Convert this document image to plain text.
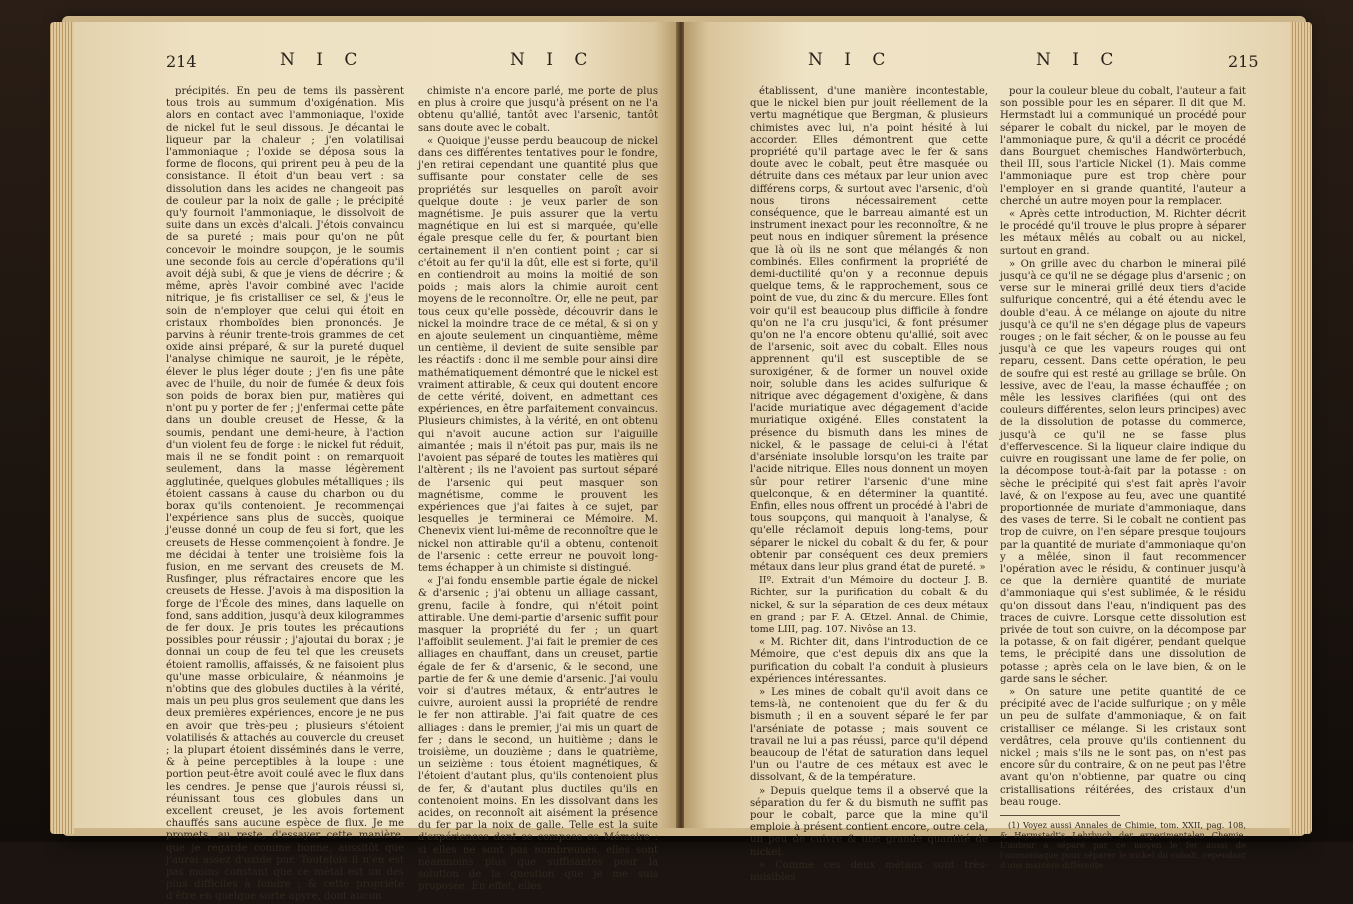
214	N I C	N I C

précipités. En peu de tems ils passèrent tous trois au summum d'oxigénation. Mis alors en contact avec l'ammoniaque, l'oxide de nickel fut le seul dissous. Je décantai le liqueur par la chaleur ; j'en volatilisai l'ammoniaque ; l'oxide se déposa sous la forme de flocons, qui prirent peu à peu de la consistance. Il étoit d'un beau vert : sa dissolution dans les acides ne changeoit pas de couleur par la noix de galle ; le précipité qu'y fournoit l'ammoniaque, le dissolvoit de suite dans un excès d'alcali. J'étois convaincu de sa pureté ; mais pour qu'on ne pût concevoir le moindre soupçon, je le soumis une seconde fois au cercle d'opérations qu'il avoit déjà subi, & que je viens de décrire ; & même, après l'avoir combiné avec l'acide nitrique, je fis cristalliser ce sel, & j'eus le soin de n'employer que celui qui étoit en cristaux rhomboïdes bien prononcés. Je parvins à réunir trente-trois grammes de cet oxide ainsi préparé, & sur la pureté duquel l'analyse chimique ne sauroit, je le répète, élever le plus léger doute ; j'en fis une pâte avec de l'huile, du noir de fumée & deux fois son poids de borax bien pur, matières qui n'ont pu y porter de fer ; j'enfermai cette pâte dans un double creuset de Hesse, & la soumis, pendant une demi-heure, à l'action d'un violent feu de forge : le nickel fut réduit, mais il ne se fondit point : on remarquoit seulement, dans la masse légèrement agglutinée, quelques globules métalliques ; ils étoient cassans à cause du charbon ou du borax qu'ils contenoient. Je recommençai l'expérience sans plus de succès, quoique j'eusse donné un coup de feu si fort, que les creusets de Hesse commençoient à fondre. Je me décidai à tenter une troisième fois la fusion, en me servant des creusets de M. Rusfinger, plus réfractaires encore que les creusets de Hesse. J'avois à ma disposition la forge de l'École des mines, dans laquelle on fond, sans addition, jusqu'à deux kilogrammes de fer doux. Je pris toutes les précautions possibles pour réussir ; j'ajoutai du borax ; je donnai un coup de feu tel que les creusets étoient ramollis, affaissés, & ne faisoient plus qu'une masse orbiculaire, & néanmoins je n'obtins que des globules ductiles à la vérité, mais un peu plus gros seulement que dans les deux premières expériences, encore je ne pus en avoir que très-peu ; plusieurs s'étoient volatilisés & attachés au couvercle du creuset ; la plupart étoient disséminés dans le verre, & à peine perceptibles à la loupe : une portion peut-être avoit coulé avec le flux dans les cendres. Je pense que j'aurois réussi si, réunissant tous ces globules dans un excellent creuset, je les avois fortement chauffés sans aucune espèce de flux. Je me promets, au reste, d'essayer cette manière, que je regarde comme bonne, aussitôt que j'aurai assez d'oxide pur. Toutefois il n'en est pas moins constant que ce métal est un des plus difficiles à fondre ; & cette propriété d'être en quelque sorte apyre, dont aucun

chimiste n'a encore parlé, me porte de plus en plus à croire que jusqu'à présent on ne l'a obtenu qu'allié, tantôt avec l'arsenic, tantôt sans doute avec le cobalt.

« Quoique j'eusse perdu beaucoup de nickel dans ces différentes tentatives pour le fondre, j'en retirai cependant une quantité plus que suffisante pour constater celle de ses propriétés sur lesquelles on paroît avoir quelque doute : je veux parler de son magnétisme. Je puis assurer que la vertu magnétique en lui est si marquée, qu'elle égale presque celle du fer, & pourtant bien certainement il n'en contient point ; car si c'étoit au fer qu'il la dût, elle est si forte, qu'il en contiendroit au moins la moitié de son poids ; mais alors la chimie auroit cent moyens de le reconnoître. Or, elle ne peut, par tous ceux qu'elle possède, découvrir dans le nickel la moindre trace de ce métal, & si on y en ajoute seulement un cinquantième, même un centième, il devient de suite sensible par les réactifs : donc il me semble pour ainsi dire mathématiquement démontré que le nickel est vraiment attirable, & ceux qui doutent encore de cette vérité, doivent, en admettant ces expériences, en être parfaitement convaincus. Plusieurs chimistes, à la vérité, en ont obtenu qui n'avoit aucune action sur l'aiguille aimantée ; mais il n'étoit pas pur, mais ils ne l'avoient pas séparé de toutes les matières qui l'altèrent ; ils ne l'avoient pas surtout séparé de l'arsenic qui peut masquer son magnétisme, comme le prouvent les expériences que j'ai faites à ce sujet, par lesquelles je terminerai ce Mémoire. M. Chenevix vient lui-même de reconnoître que le nickel non attirable qu'il a obtenu, contenoit de l'arsenic : cette erreur ne pouvoit long-tems échapper à un chimiste si distingué.

« J'ai fondu ensemble partie égale de nickel & d'arsenic ; j'ai obtenu un alliage cassant, grenu, facile à fondre, qui n'étoit point attirable. Une demi-partie d'arsenic suffit pour masquer la propriété du fer ; un quart l'affoiblit seulement. J'ai fait le premier de ces alliages en chauffant, dans un creuset, partie égale de fer & d'arsenic, & le second, une partie de fer & une demie d'arsenic. J'ai voulu voir si d'autres métaux, & entr'autres le cuivre, auroient aussi la propriété de rendre le fer non attirable. J'ai fait quatre de ces alliages : dans le premier, j'ai mis un quart de fer ; dans le second, un huitième ; dans le troisième, un douzième ; dans le quatrième, un seizième : tous étoient magnétiques, & l'étoient d'autant plus, qu'ils contenoient plus de fer, & d'autant plus ductiles qu'ils en contenoient moins. En les dissolvant dans les acides, on reconnoît ait aisément la présence du fer par la noix de galle. Telle est la suite d'expériences dont se compose ce Mémoire : si elles ne sont pas nombreuses, elles sont néanmoins plus que suffisantes pour la solution de la question que je me suis proposée. En effet, elles

N I C	N I C	215

établissent, d'une manière incontestable, que le nickel bien pur jouit réellement de la vertu magnétique que Bergman, & plusieurs chimistes avec lui, n'a point hésité à lui accorder. Elles démontrent que cette propriété qu'il partage avec le fer & sans doute avec le cobalt, peut être masquée ou détruite dans ces métaux par leur union avec différens corps, & surtout avec l'arsenic, d'où nous tirons nécessairement cette conséquence, que le barreau aimanté est un instrument inexact pour les reconnoître, & ne peut nous en indiquer sûrement la présence que là où ils ne sont que mélangés & non combinés. Elles confirment la propriété de demi-ductilité qu'on y a reconnue depuis quelque tems, & le rapprochement, sous ce point de vue, du zinc & du mercure. Elles font voir qu'il est beaucoup plus difficile à fondre qu'on ne l'a cru jusqu'ici, & font présumer qu'on ne l'a encore obtenu qu'allié, soit avec de l'arsenic, soit avec du cobalt. Elles nous apprennent qu'il est susceptible de se suroxigéner, & de former un nouvel oxide noir, soluble dans les acides sulfurique & nitrique avec dégagement d'oxigène, & dans l'acide muriatique avec dégagement d'acide muriatique oxigéné. Elles constatent la présence du bismuth dans les mines de nickel, & le passage de celui-ci à l'état d'arséniate insoluble lorsqu'on les traite par l'acide nitrique. Elles nous donnent un moyen sûr pour retirer l'arsenic d'une mine quelconque, & en déterminer la quantité. Enfin, elles nous offrent un procédé à l'abri de tous soupçons, qui manquoit à l'analyse, & qu'elle réclamoit depuis long-tems, pour séparer le nickel du cobalt & du fer, & pour obtenir par conséquent ces deux premiers métaux dans leur plus grand état de pureté. »

IIº. Extrait d'un Mémoire du docteur J. B. Richter, sur la purification du cobalt & du nickel, & sur la séparation de ces deux métaux en grand ; par F. A. Œtzel. Annal. de Chimie, tome LIII, pag. 107. Nivôse an 13.

« M. Richter dit, dans l'introduction de ce Mémoire, que c'est depuis dix ans que la purification du cobalt l'a conduit à plusieurs expériences intéressantes.

» Les mines de cobalt qu'il avoit dans ce tems-là, ne contenoient que du fer & du bismuth ; il en a souvent séparé le fer par l'arséniate de potasse ; mais souvent ce travail ne lui a pas réussi, parce qu'il dépend beaucoup de l'état de saturation dans lequel l'un ou l'autre de ces métaux est avec le dissolvant, & de la température.

» Depuis quelque tems il a observé que la séparation du fer & du bismuth ne suffit pas pour le cobalt, parce que la mine qu'il emploie à présent contient encore, outre cela, un peu de cuivre & une grande quantité de nickel.

» Comme ces deux métaux sont très-nuisibles

pour la couleur bleue du cobalt, l'auteur a fait son possible pour les en séparer. Il dit que M. Hermstadt lui a communiqué un procédé pour séparer le cobalt du nickel, par le moyen de l'ammoniaque pure, & qu'il a décrit ce procédé dans Bourguet chemisches Handwörterbuch, theil III, sous l'article Nickel (1). Mais comme l'ammoniaque pure est trop chère pour l'employer en si grande quantité, l'auteur a cherché un autre moyen pour la remplacer.

« Après cette introduction, M. Richter décrit le procédé qu'il trouve le plus propre à séparer les métaux mêlés au cobalt ou au nickel, surtout en grand.

» On grille avec du charbon le minerai pilé jusqu'à ce qu'il ne se dégage plus d'arsenic ; on verse sur le minerai grillé deux tiers d'acide sulfurique concentré, qui a été étendu avec le double d'eau. À ce mélange on ajoute du nitre jusqu'à ce qu'il ne s'en dégage plus de vapeurs rouges ; on le fait sécher, & on le pousse au feu jusqu'à ce que les vapeurs rouges qui ont reparu, cessent. Dans cette opération, le peu de soufre qui est resté au grillage se brûle. On lessive, avec de l'eau, la masse échauffée ; on mêle les lessives clarifiées (qui ont des couleurs différentes, selon leurs principes) avec de la dissolution de potasse du commerce, jusqu'à ce qu'il ne se fasse plus d'effervescence. Si la liqueur claire indique du cuivre en rougissant une lame de fer polie, on la décompose tout-à-fait par la potasse : on sèche le précipité qui s'est fait après l'avoir lavé, & on l'expose au feu, avec une quantité proportionnée de muriate d'ammoniaque, dans des vases de terre. Si le cobalt ne contient pas trop de cuivre, on l'en sépare presque toujours par la quantité de muriate d'ammoniaque qu'on y a mêlée, sinon il faut recommencer l'opération avec le résidu, & continuer jusqu'à ce que la dernière quantité de muriate d'ammoniaque qui s'est sublimée, & le résidu qu'on dissout dans l'eau, n'indiquent pas des traces de cuivre. Lorsque cette dissolution est privée de tout son cuivre, on la décompose par la potasse, & on fait digérer, pendant quelque tems, le précipité dans une dissolution de potasse ; après cela on le lave bien, & on le garde sans le sécher.

» On sature une petite quantité de ce précipité avec de l'acide sulfurique ; on y mêle un peu de sulfate d'ammoniaque, & on fait cristalliser ce mélange. Si les cristaux sont verdâtres, cela prouve qu'ils contiennent du nickel ; mais s'ils ne le sont pas, on n'est pas encore sûr du contraire, & on ne peut pas l'être avant qu'on n'obtienne, par quatre ou cinq cristallisations réitérées, des cristaux d'un beau rouge.

(1) Voyez aussi Annales de Chimie, tom. XXII, pag. 108, & Hermstadt's Lehrbuch der experimentalen Chemie. L'auteur a séparé par ce moyen le fer aussi de l'ammoniaque pour séparer le nickel du cobalt, cependant d'une manière différente.
